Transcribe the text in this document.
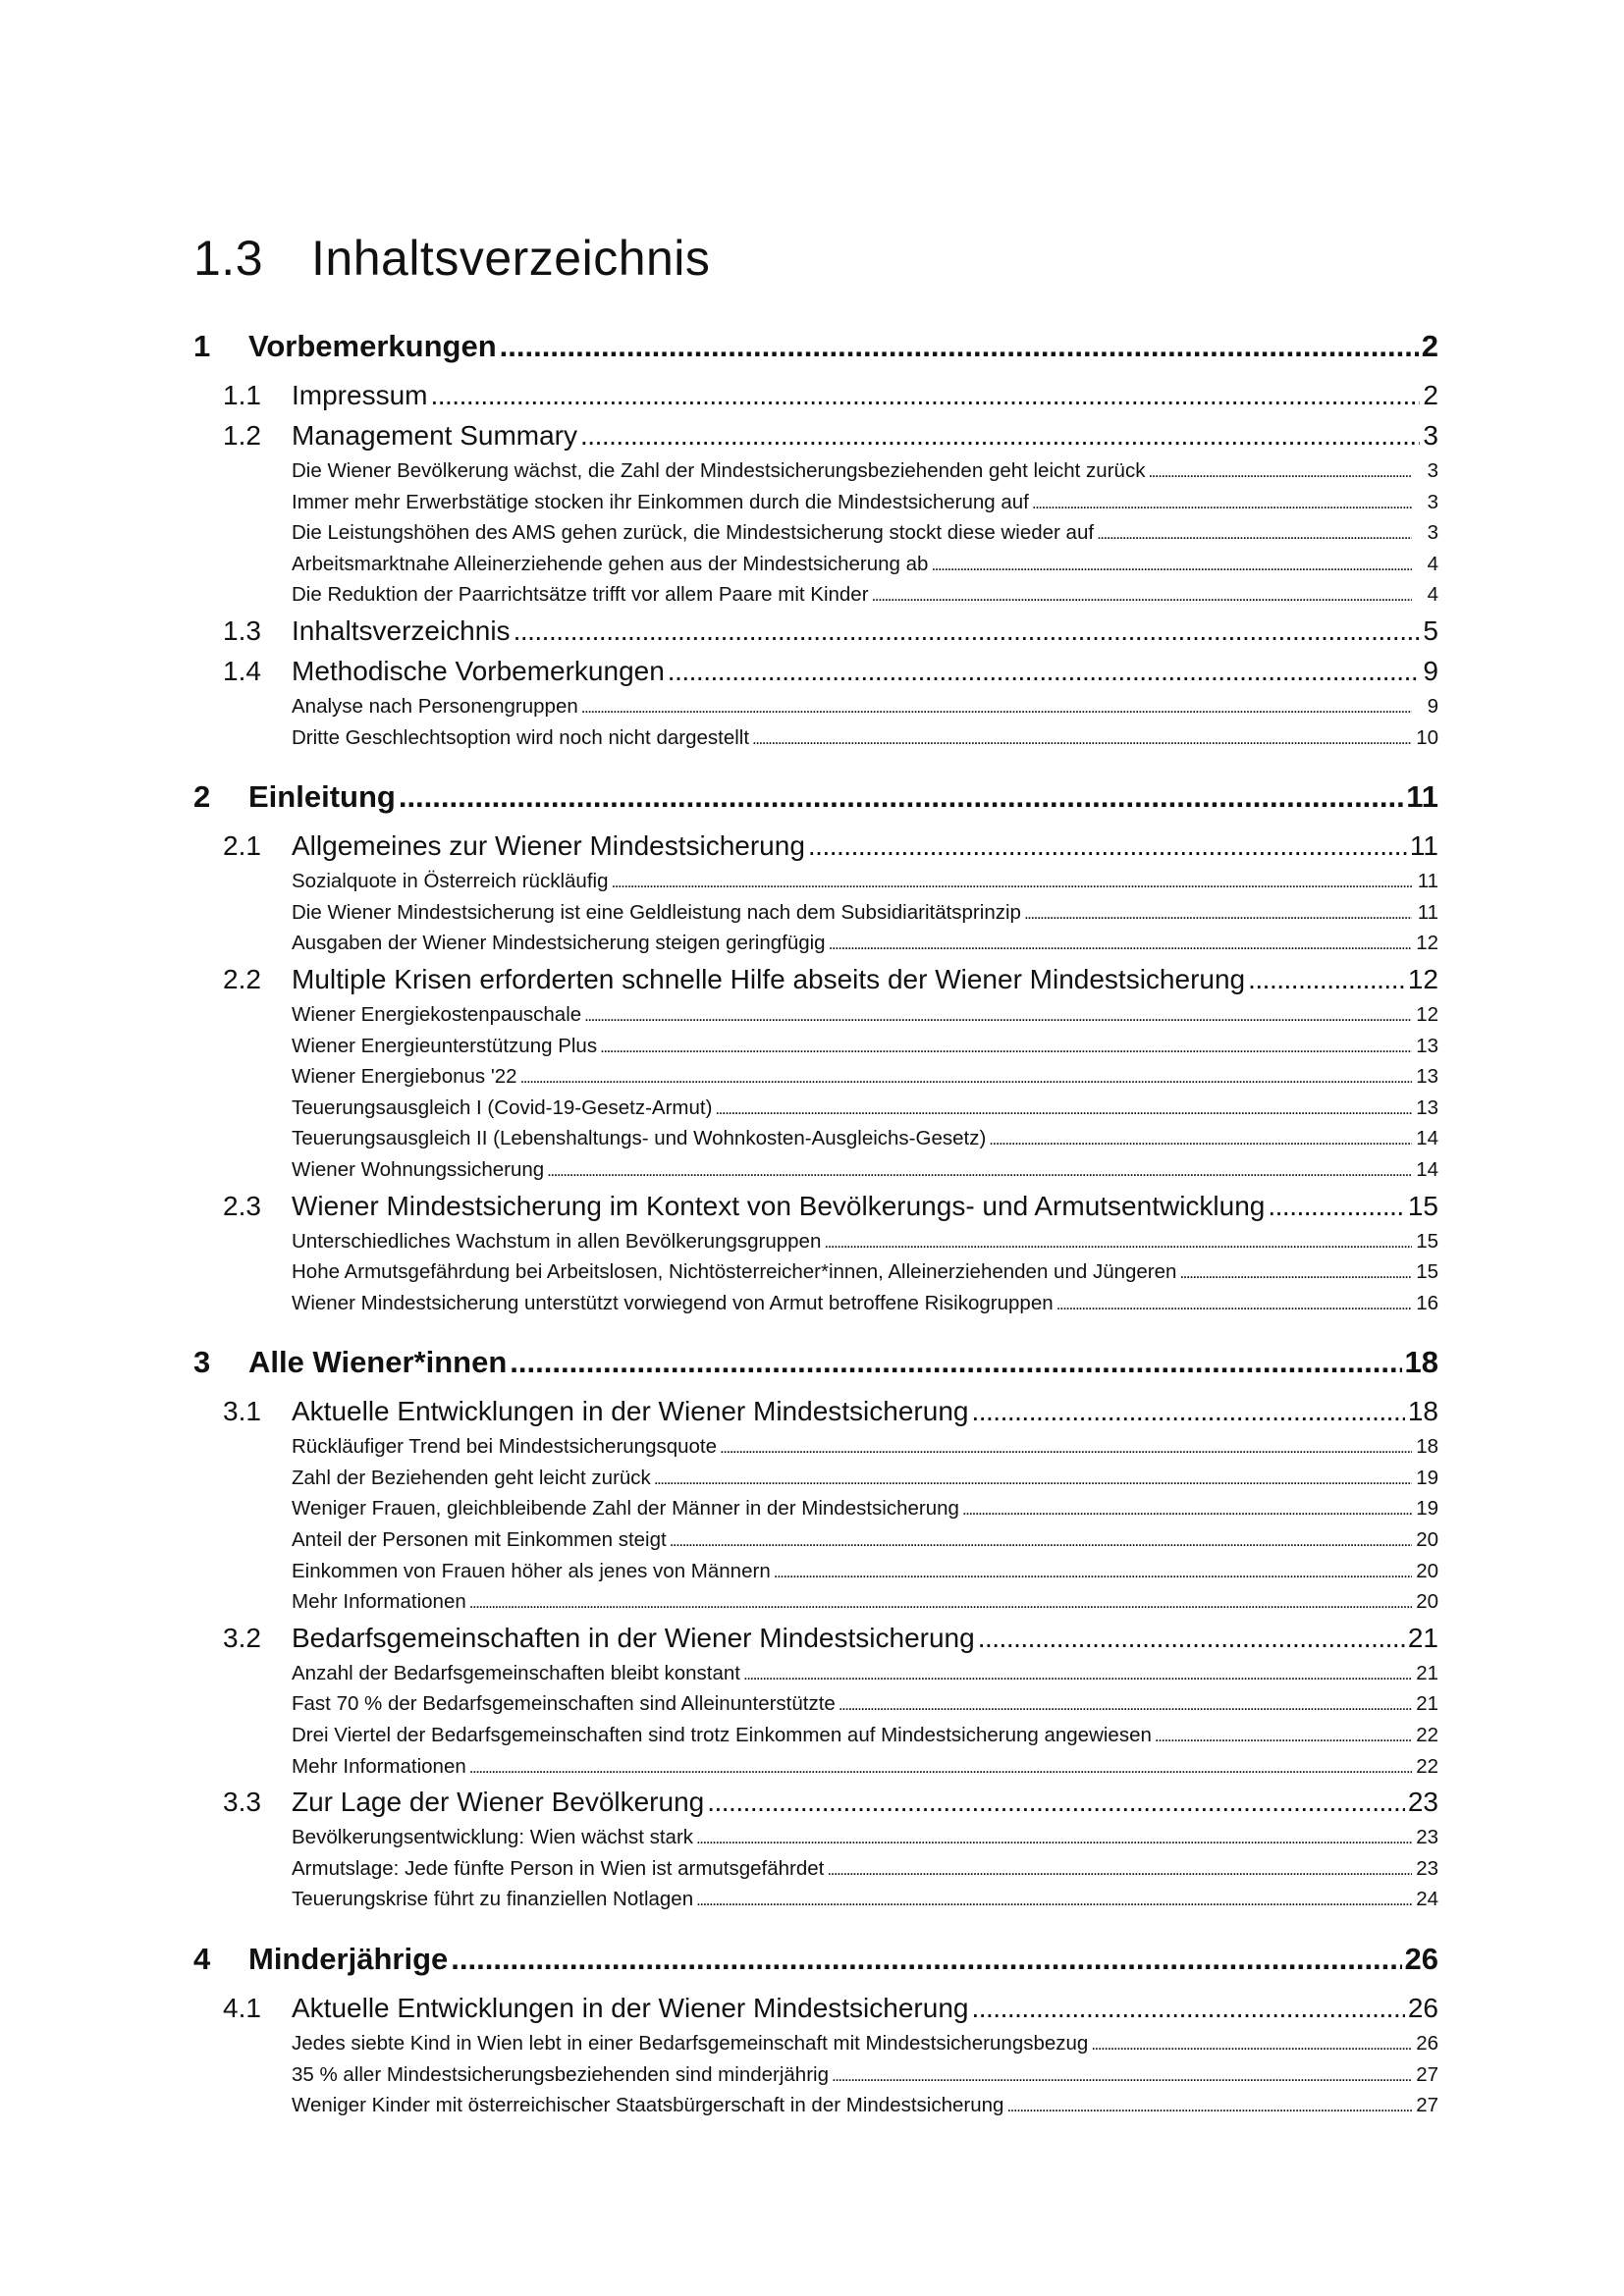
1.3 Inhaltsverzeichnis
1	Vorbemerkungen .....	2
1.1	Impressum .....	2
1.2	Management Summary .....	3
Die Wiener Bevölkerung wächst, die Zahl der Mindestsicherungsbeziehenden geht leicht zurück .....	3
Immer mehr Erwerbstätige stocken ihr Einkommen durch die Mindestsicherung auf .....	3
Die Leistungshöhen des AMS gehen zurück, die Mindestsicherung stockt diese wieder auf .....	3
Arbeitsmarktnahe Alleinerziehende gehen aus der Mindestsicherung ab .....	4
Die Reduktion der Paarrichtsätze trifft vor allem Paare mit Kinder .....	4
1.3	Inhaltsverzeichnis .....	5
1.4	Methodische Vorbemerkungen .....	9
Analyse nach Personengruppen .....	9
Dritte Geschlechtsoption wird noch nicht dargestellt .....	10
2	Einleitung .....	11
2.1	Allgemeines zur Wiener Mindestsicherung .....	11
Sozialquote in Österreich rückläufig .....	11
Die Wiener Mindestsicherung ist eine Geldleistung nach dem Subsidiaritätsprinzip .....	11
Ausgaben der Wiener Mindestsicherung steigen geringfügig .....	12
2.2	Multiple Krisen erforderten schnelle Hilfe abseits der Wiener Mindestsicherung .....	12
Wiener Energiekostenpauschale .....	12
Wiener Energieunterstützung Plus .....	13
Wiener Energiebonus '22 .....	13
Teuerungsausgleich I (Covid-19-Gesetz-Armut) .....	13
Teuerungsausgleich II (Lebenshaltungs- und Wohnkosten-Ausgleichs-Gesetz) .....	14
Wiener Wohnungssicherung .....	14
2.3	Wiener Mindestsicherung im Kontext von Bevölkerungs- und Armutsentwicklung .....	15
Unterschiedliches Wachstum in allen Bevölkerungsgruppen .....	15
Hohe Armutsgefährdung bei Arbeitslosen, Nichtösterreicher*innen, Alleinerziehenden und Jüngeren .....	15
Wiener Mindestsicherung unterstützt vorwiegend von Armut betroffene Risikogruppen .....	16
3	Alle Wiener*innen .....	18
3.1	Aktuelle Entwicklungen in der Wiener Mindestsicherung .....	18
Rückläufiger Trend bei Mindestsicherungsquote .....	18
Zahl der Beziehenden geht leicht zurück .....	19
Weniger Frauen, gleichbleibende Zahl der Männer in der Mindestsicherung .....	19
Anteil der Personen mit Einkommen steigt .....	20
Einkommen von Frauen höher als jenes von Männern .....	20
Mehr Informationen .....	20
3.2	Bedarfsgemeinschaften in der Wiener Mindestsicherung .....	21
Anzahl der Bedarfsgemeinschaften bleibt konstant .....	21
Fast 70 % der Bedarfsgemeinschaften sind Alleinunterstützte .....	21
Drei Viertel der Bedarfsgemeinschaften sind trotz Einkommen auf Mindestsicherung angewiesen .....	22
Mehr Informationen .....	22
3.3	Zur Lage der Wiener Bevölkerung .....	23
Bevölkerungsentwicklung: Wien wächst stark .....	23
Armutslage: Jede fünfte Person in Wien ist armutsgefährdet .....	23
Teuerungskrise führt zu finanziellen Notlagen .....	24
4	Minderjährige .....	26
4.1	Aktuelle Entwicklungen in der Wiener Mindestsicherung .....	26
Jedes siebte Kind in Wien lebt in einer Bedarfsgemeinschaft mit Mindestsicherungsbezug .....	26
35 % aller Mindestsicherungsbeziehenden sind minderjährig .....	27
Weniger Kinder mit österreichischer Staatsbürgerschaft in der Mindestsicherung .....	27
